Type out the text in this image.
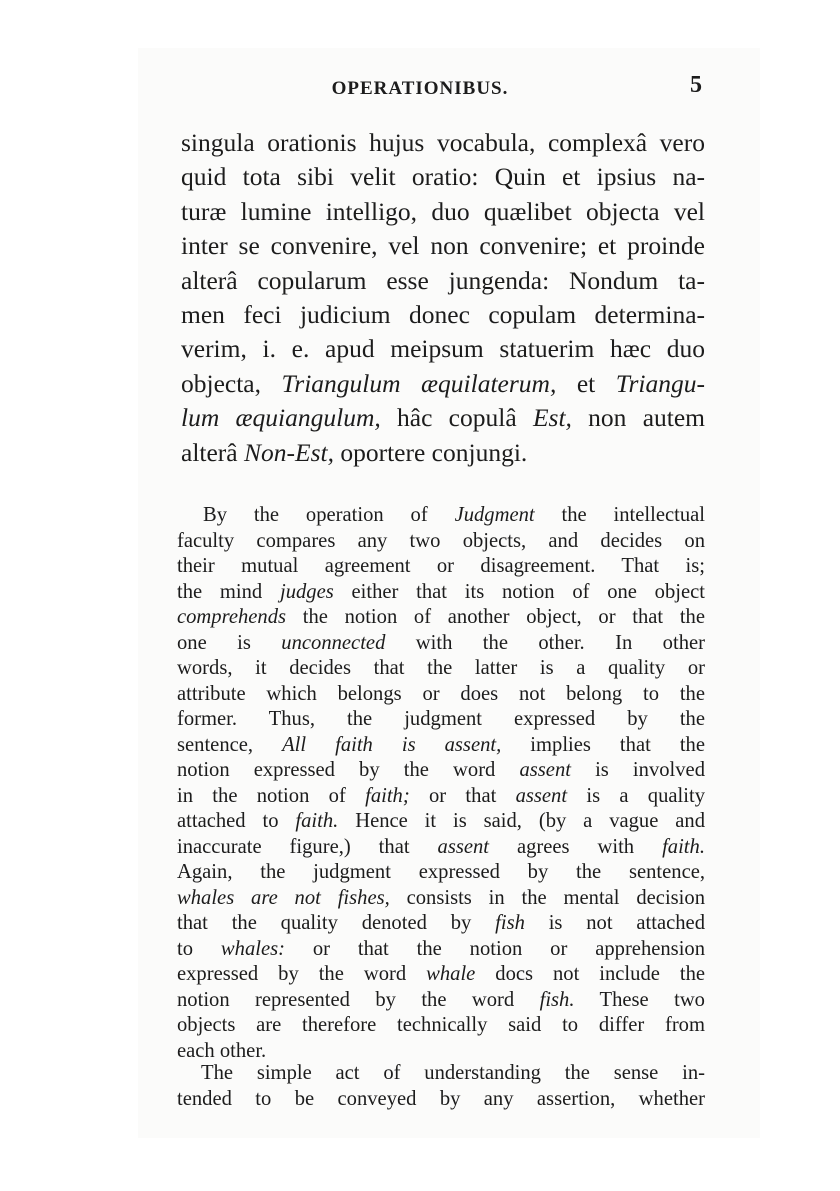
OPERATIONIBUS.	5
singula orationis hujus vocabula, complexâ vero
quid tota sibi velit oratio: Quin et ipsius na-
turæ lumine intelligo, duo quælibet objecta vel
inter se convenire, vel non convenire; et proinde
alterâ copularum esse jungenda: Nondum ta-
men feci judicium donec copulam determina-
verim, i. e. apud meipsum statuerim hæc duo
objecta, Triangulum æquilaterum, et Triangu-
lum æquiangulum, hâc copulâ Est, non autem
alterâ Non-Est, oportere conjungi.
By the operation of Judgment the intellectual
faculty compares any two objects, and decides on
their mutual agreement or disagreement. That is;
the mind judges either that its notion of one object
comprehends the notion of another object, or that the
one is unconnected with the other. In other
words, it decides that the latter is a quality or
attribute which belongs or does not belong to the
former. Thus, the judgment expressed by the
sentence, All faith is assent, implies that the
notion expressed by the word assent is involved
in the notion of faith; or that assent is a quality
attached to faith. Hence it is said, (by a vague and
inaccurate figure,) that assent agrees with faith.
Again, the judgment expressed by the sentence,
whales are not fishes, consists in the mental decision
that the quality denoted by fish is not attached
to whales: or that the notion or apprehension
expressed by the word whale docs not include the
notion represented by the word fish. These two
objects are therefore technically said to differ from
each other.
The simple act of understanding the sense in-
tended to be conveyed by any assertion, whether
